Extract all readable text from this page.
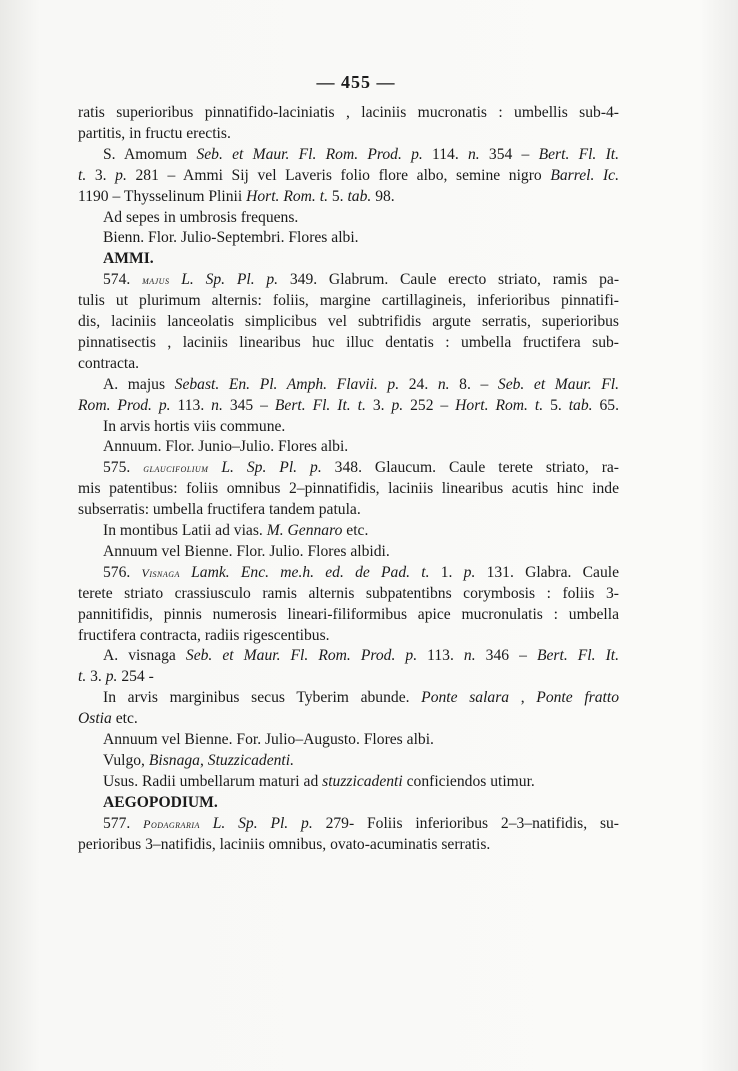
— 455 —
ratis superioribus pinnatifido-laciniatis , laciniis mucronatis : umbellis sub-4-
partitis, in fructu erectis.
S. Amomum Seb. et Maur. Fl. Rom. Prod. p. 114. n. 354 – Bert. Fl. It.
t. 3. p. 281 – Ammi Sij vel Laveris folio flore albo, semine nigro Barrel. Ic.
1190 – Thysselinum Plinii Hort. Rom. t. 5. tab. 98.
Ad sepes in umbrosis frequens.
Bienn. Flor. Julio-Septembri. Flores albi.
AMMI.
574. majus L. Sp. Pl. p. 349. Glabrum. Caule erecto striato, ramis pa-
tulis ut plurimum alternis: foliis, margine cartillagineis, inferioribus pinnatifi-
dis, laciniis lanceolatis simplicibus vel subtrifidis argute serratis, superioribus
pinnatisectis , laciniis linearibus huc illuc dentatis : umbella fructifera sub-
contracta.
A. majus Sebast. En. Pl. Amph. Flavii. p. 24. n. 8. – Seb. et Maur. Fl.
Rom. Prod. p. 113. n. 345 – Bert. Fl. It. t. 3. p. 252 – Hort. Rom. t. 5. tab. 65.
In arvis hortis viis commune.
Annuum. Flor. Junio–Julio. Flores albi.
575. glaucifolium L. Sp. Pl. p. 348. Glaucum. Caule terete striato, ra-
mis patentibus: foliis omnibus 2–pinnatifidis, laciniis linearibus acutis hinc inde
subserratis: umbella fructifera tandem patula.
In montibus Latii ad vias. M. Gennaro etc.
Annuum vel Bienne. Flor. Julio. Flores albidi.
576. Visnaga Lamk. Enc. me.h. ed. de Pad. t. 1. p. 131. Glabra. Caule
terete striato crassiusculo ramis alternis subpatentibns corymbosis : foliis 3-
pannitifidis, pinnis numerosis lineari-filiformibus apice mucronulatis : umbella
fructifera contracta, radiis rigescentibus.
A. visnaga Seb. et Maur. Fl. Rom. Prod. p. 113. n. 346 – Bert. Fl. It.
t. 3. p. 254 -
In arvis marginibus secus Tyberim abunde. Ponte salara , Ponte fratto
Ostia etc.
Annuum vel Bienne. For. Julio–Augusto. Flores albi.
Vulgo, Bisnaga, Stuzzicadenti.
Usus. Radii umbellarum maturi ad stuzzicadenti conficiendos utimur.
AEGOPODIUM.
577. Podagraria L. Sp. Pl. p. 279- Foliis inferioribus 2–3–natifidis, su-
perioribus 3–natifidis, laciniis omnibus, ovato-acuminatis serratis.
